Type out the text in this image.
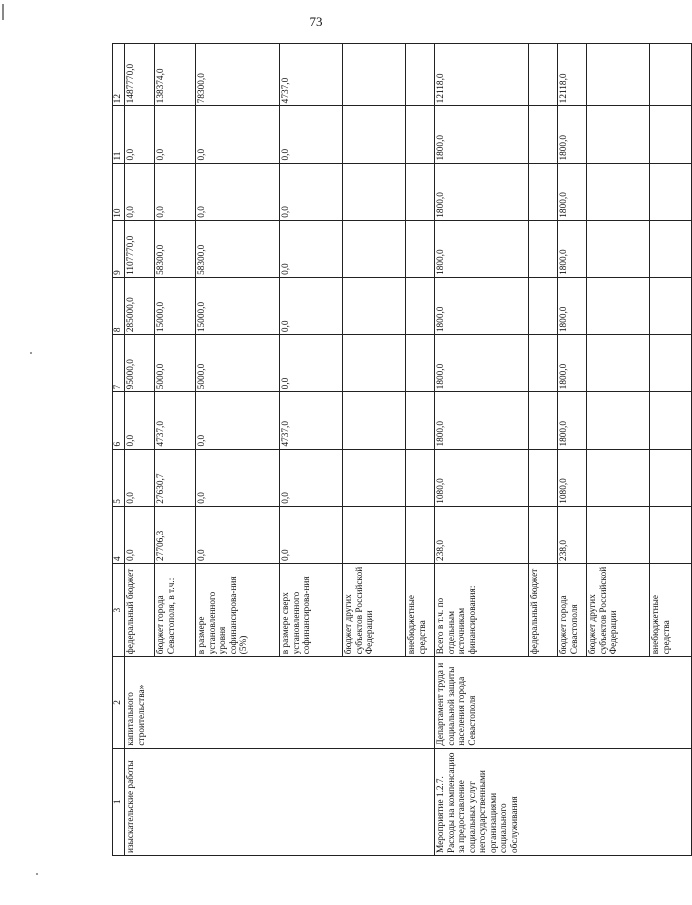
73
1	2	3	4	5	6	7	8	9	10	11	12
изыскательские работы	капитального строительства»	федеральный бюджет	0,0	0,0	0,0	95000,0	285000,0	1107770,0	0,0	0,0	1487770,0
		бюджет города Севастополя, в т.ч.:	27706,3	27630,7	4737,0	5000,0	15000,0	58300,0	0,0	0,0	138374,0
		в размере установленного уровня софинансирова-ния (5%)	0,0	0,0	0,0	5000,0	15000,0	58300,0	0,0	0,0	78300,0
		в размере сверх установленного софинансирова-ния	0,0	0,0	4737,0	0,0	0,0	0,0	0,0	0,0	4737,0
		бюджет других субъектов Российской Федерации									
		внебюджетные средства									
Мероприятие 1.2.7. Расходы на компенсацию за предоставление социальных услуг негосударственными организациями социального обслуживания	Департамент труда и социальной защиты населения города Севастополя	Всего в т.ч. по отдельным источникам финансирования:	238,0	1080,0	1800,0	1800,0	1800,0	1800,0	1800,0	1800,0	12118,0
		федеральный бюджет									
		бюджет города Севастополя	238,0	1080,0	1800,0	1800,0	1800,0	1800,0	1800,0	1800,0	12118,0
		бюджет других субъектов Российской Федерации									
		внебюджетные средства									
